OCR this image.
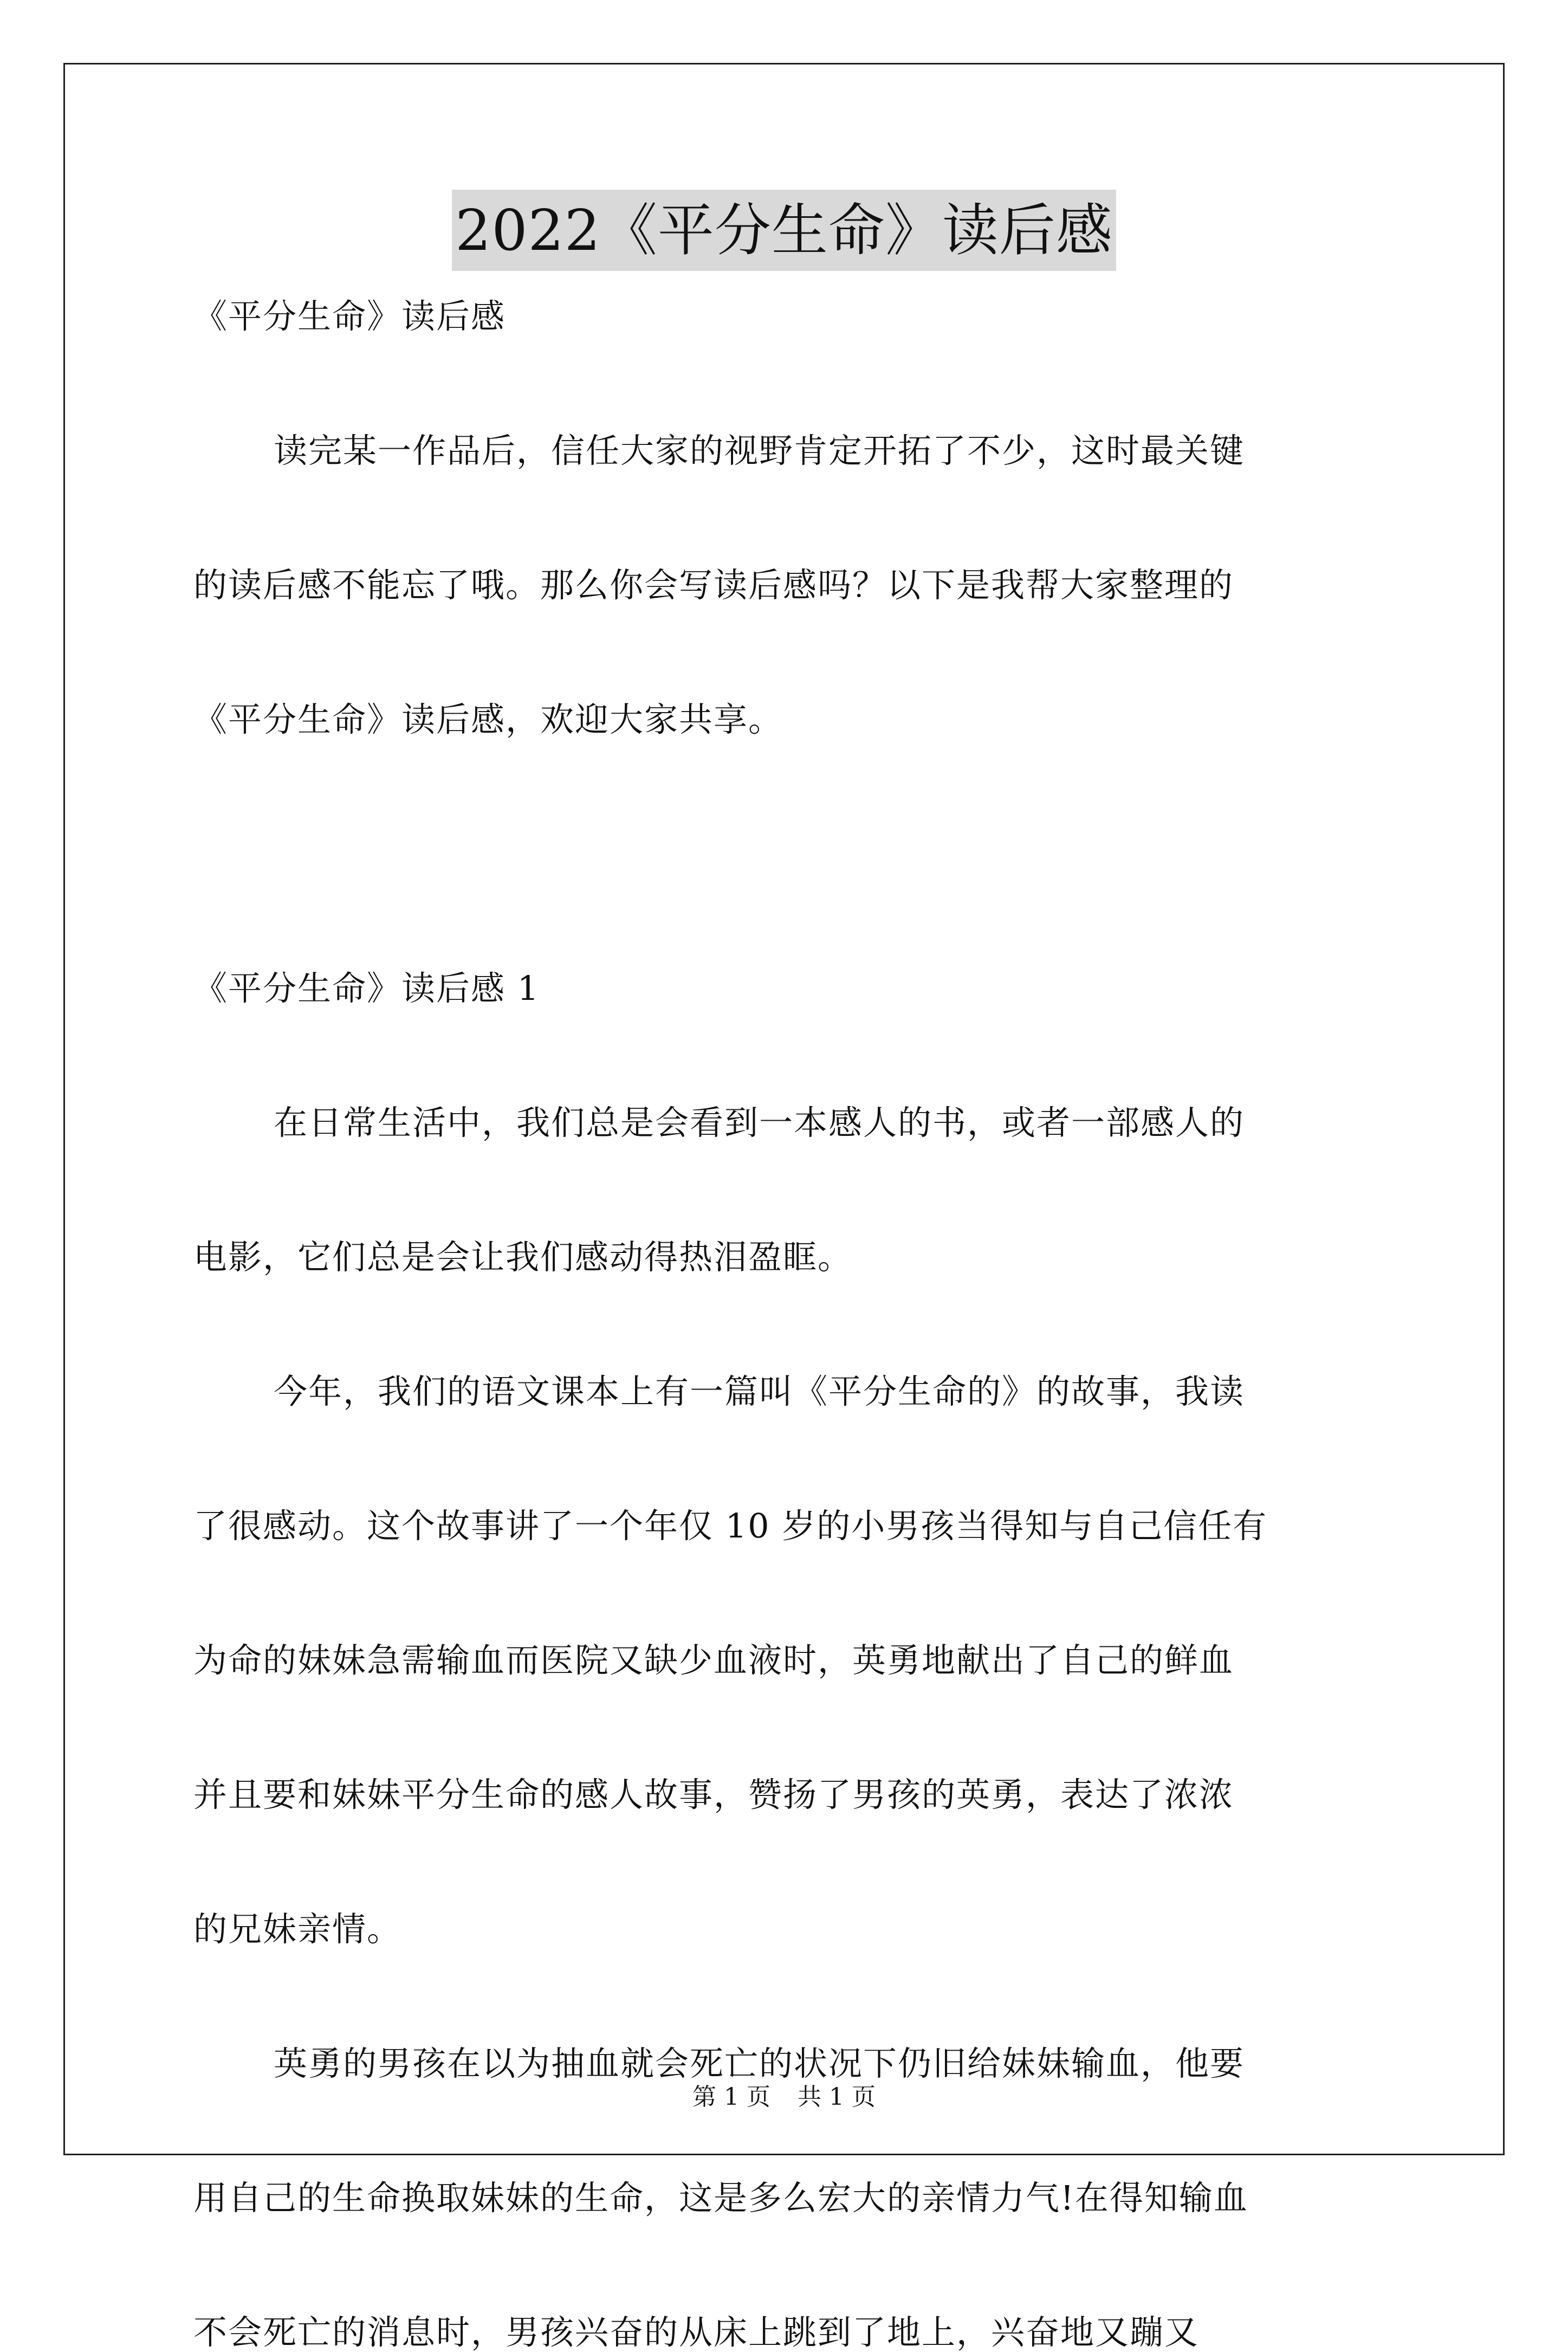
2022《平分生命》读后感

《平分生命》读后感

读完某一作品后，信任大家的视野肯定开拓了不少，这时最关键

的读后感不能忘了哦。那么你会写读后感吗？以下是我帮大家整理的

《平分生命》读后感，欢迎大家共享。

《平分生命》读后感 1

在日常生活中，我们总是会看到一本感人的书，或者一部感人的

电影，它们总是会让我们感动得热泪盈眶。

今年，我们的语文课本上有一篇叫《平分生命的》的故事，我读

了很感动。这个故事讲了一个年仅 10 岁的小男孩当得知与自己信任有

为命的妹妹急需输血而医院又缺少血液时，英勇地献出了自己的鲜血

并且要和妹妹平分生命的感人故事，赞扬了男孩的英勇，表达了浓浓

的兄妹亲情。

英勇的男孩在以为抽血就会死亡的状况下仍旧给妹妹输血，他要

用自己的生命换取妹妹的生命，这是多么宏大的亲情力气!在得知输血

不会死亡的消息时，男孩兴奋的从床上跳到了地上，兴奋地又蹦又

第 1 页 共 1 页
